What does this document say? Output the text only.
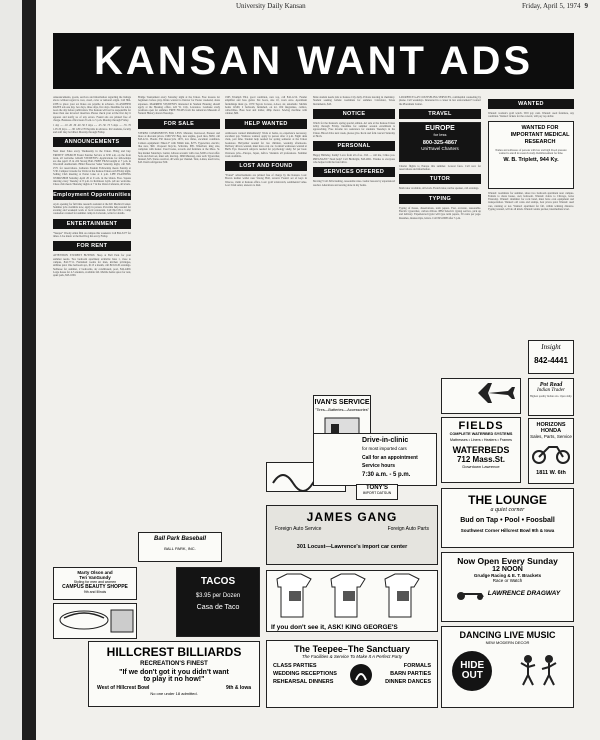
University Daily Kansan	Friday, April 5, 1974 9
KANSAN WANT ADS
Announcements, goods, services and information regarding the listings above without regard to race, creed, color or national origin. Call 864-4358 to place your ad. Rates are payable in advance. CLASSIFIED RATES ads one day, two days, three days, five days. Deadline for ads is noon the day before publication. The Kansan will not be responsible for more than one incorrect insertion. Please check your ad the first day it appears and notify us of any errors. Found ads are printed free of charge. Business office hours 8 a.m. to 5 p.m. Monday through Friday.
1 day ..... .10 .20 .30 .40 .50 3 days ..... .25 .50 .75 5 days ..... .35 .70 1.05 20 days ..... .90 1.80 2.70 Payable in advance. KU students, faculty and staff may be billed. Monday through Friday.
ANNOUNCEMENTS
Next meet Sales every Wednesday in the Union. Bring and buy. TRINITY CHURCH Easter Sunrise Service at 6:30 a.m. on the front lawn, all welcome. GRAD STUDENTS: Applications for fellowships are due April 15 in 222 Strong Hall. FREE FILM tonight at 7 p.m. in Woodruff Auditorium. Hillel Passover Seder Saturday night, call 843-2571 for reservations. Lutheran Student Fellowship meets Sunday at 5:30. Campus Crusade for Christ at the Kansas Union each Friday night. Sailing Club meeting at Potter Lake at 4 p.m. LIFE PLANNING WORKSHOP Saturday April 20 at 9 a.m. in the Union. Free. Square dancing every Tuesday at 8 p.m. in Robinson Gym. All are welcome. Chess club meets Thursday nights at 7 in the Union Cafeteria, all levels.
Employment Opportunities
A job opening for full time research assistant at the KU Medical Center. Summer jobs available now, apply in person. Part-time help needed for evening and weekend work at local restaurant. Call 842-5511. Camp counselors wanted for summer camp in Colorado, write for details.
ENTERTAINMENT
"Sleeper" Woody Allen film on campus this weekend. Call 864-3477 for times. Live music at the Red Dog Inn every Friday.
FOR RENT
ATTENTION STUDENT BUYERS: Shop at Ball Park for your summer needs. Two bedroom apartment available June 1, close to campus, 842-7711. Furnished rooms for men, kitchen privileges, utilities paid. One bedroom apt., $115 a month, call 843-0120 evenings. Sublease for summer, 2 bedrooms, air conditioned, pool, 842-4400. Large house for 4-5 students, available fall. Mobile home space for rent, quiet park, 843-1000.
Marty Olson and
Teri VanGundy
Styling for men and women
CAMPUS BEAUTY SHOPPE
9th and Illinois
Bridge Tournament every Saturday night at the Union. Free lessons for beginners before play. Rides wanted to Denver for Easter weekend, share expenses. MARRIED STUDENTS interested in Student Housing should apply at the Housing office, 422 W. 11th, Lawrence. Graduate study positions open for summer. FREE FILMS from the American Museum of Natural History shown Tuesdays.
FOR SALE
STEREO COMPONENTS FOR LESS: Marantz, Kenwood, Pioneer and more at discount prices. 1969 VW Bug, new engine, good tires, $950, call 843-2211. Honda 350 motorcycle 1972, low miles, excellent condition. Camera equipment: Nikon F with 50mm lens, $275. Typewriter, electric, like new, $90. 10-speed bicycle, Schwinn, $85. Waterbed, king size, complete with heater. Used books, records and furniture at the Mass. St. flea market Saturdays. Guitar, Gibson acoustic with case, $200 or best offer. Sofa and chair set, must sell, moving. 1966 Mustang, runs well. Typewriter, manual, $25. Stereo receiver, 40 watts per channel. Tent, 4-man, used twice, $45. Dorm refrigerator $50.
Ball Park Baseball
BALL PARK, INC.
TACOS
$3.95 per Dozen
Casa de Taco
HILLCREST BILLIARDS
RECREATION'S FINEST
"If we don't got it you didn't want
to play it no how!"
West of Hillcrest Bowl	9th & Iowa
No one under 18 admitted.
1965 Triumph TR4, good condition, new top, call 842-1212. Fender amplifier and bass guitar. Ski boots, size 10, worn once. Apartment furnishings must go. 1970 Toyota Corona, 4-door, air, automatic. Mobile home 12x60, 2 bedroom, furnished, on lot. Old magazines, comics, collectibles. Bass boat and trailer, 40hp motor. Sewing machine with cabinet, $60.
HELP WANTED
Addressers wanted immediately! Work at home, no experience necessary, excellent pay. Waitress wanted, apply in person after 4 p.m. Night desk clerk, part time. Student help needed for spring semester at the Union bookstore. Babysitter needed for two children, weekday afternoons. Delivery drivers wanted, must have own car. Cocktail waitresses wanted at Bull's Eye. Research subjects needed for psychology study, $2 per hour. Overseas jobs—Europe, Japan, Africa. Students all professions. Summer work available.
LOST AND FOUND
"Found" advertisements are printed free of charge by the Kansan. Lost: Brown leather wallet near Strong Hall, reward. Found: set of keys in Wescoe, claim at Kansan office. Lost: gold wristwatch, sentimental value. Lost: Irish setter, answers to Red.
JAMES GANG
Foreign Auto Service	Foreign Auto Parts
301 Locust—Lawrence's import car center
If you don't see it, ASK! KING GEORGE'S
The Teepee–The Sanctuary
The Facilities & Service To Make It A Perfect Party
CLASS PARTIES
WEDDING RECEPTIONS
REHEARSAL DINNERS
FORMALS
BARN PARTIES
DINNER DANCES
Male student needs ride to Kansas City daily. Private tutoring in chemistry. Student seeking female roommate for summer. Calculator, Texas Instruments, $45.
NOTICE
Watch for the Kansan's spring special edition. Art sale at the Kansas Union lobby through Friday. Deadline for summer session enrollment is approaching. Free income tax assistance for students Tuesdays in the Union. Blood drive next week, please give. Rock and folk concert Saturday at Hoch.
PERSONAL
Happy Birthday, Kathy! Love from all of us. J.M. — call me, I miss you. PREGNANT? Need help? Call Birthright, 843-4821. Thanks to everyone who helped with the fund drive.
SERVICES OFFERED
Moving? Call Jim's hauling, reasonable rates. Guitar lessons by experienced teacher. Alterations and sewing done in my home.
IVAN'S SERVICE
"Tires—Batteries—Accessories"
Drive-in-clinic
for most imported cars
Call for an appointment
Service hours
7:30 a.m. - 5 p.m.
TONY'S
IMPORT DATSUN
LAWRENCE GAY COUNSELING SERVICES, confidential counseling by phone. Call weekdays. Interested in a career in law enforcement? Contact the Placement Center.
TRAVEL
EUROPE
for less
800-325-4867
UniTravel Charters
Charter flights to Europe this summer. Lowest fares. Call now for reservations and information.
TUTOR
Math tutor available, all levels. French tutor, native speaker, call evenings.
TYPING
Typing of theses, dissertations, term papers. Fast, accurate, reasonable. Electric typewriter, carbon ribbon. IBM Selectric typing service, pick up and delivery. Experienced typist will type term papers, 50 cents per page. Resumes, manuscripts, letters. Call 843-0098 after 5 p.m.
FIELDS
COMPLETE WATERBED SYSTEMS
Mattresses • Liners • Heaters • Frames
WATERBEDS
712 Mass.St.
Downtown Lawrence
WANTED
Wanted: woman's gold watch. Will pay cash. Wanted: used furniture, any condition. Wanted: tickets for the concert, will pay top dollar.
WANTED FOR IMPORTANT MEDICAL RESEARCH
Names and addresses of persons with low and high blood pressure wanted to enroll in research study. Reimbursement for time.
W. B. Triplett, 944 Ky.
Wanted: roommate for summer, share two bedroom apartment near campus. Female to share house, own bedroom. Wanted: riders to Chicago, leave Thursday. Wanted: drummer for rock band, must have own equipment and transportation. Wanted: old coins and stamps, best prices paid. Wanted: used cars, running or not. Wanted: apartment for fall, within walking distance. Typing wanted, will do all kinds. Wanted: tennis partner, intermediate level.
Insight
842-4441
Pot Read
Indian Trader
Highest quality Indian arts. Open daily.
HORIZONS HONDA
Sales, Parts, Service
1811 W. 6th
THE LOUNGE
a quiet corner
Bud on Tap • Pool • Foosball
Southwest Corner Hillcrest Bowl 9th & Iowa
Now Open Every Sunday
12 NOON
Grudge Racing & E. T. Brackets
Race or Watch
LAWRENCE DRAGWAY
DANCING LIVE MUSIC
NEW MODERN DECOR
HIDE OUT
